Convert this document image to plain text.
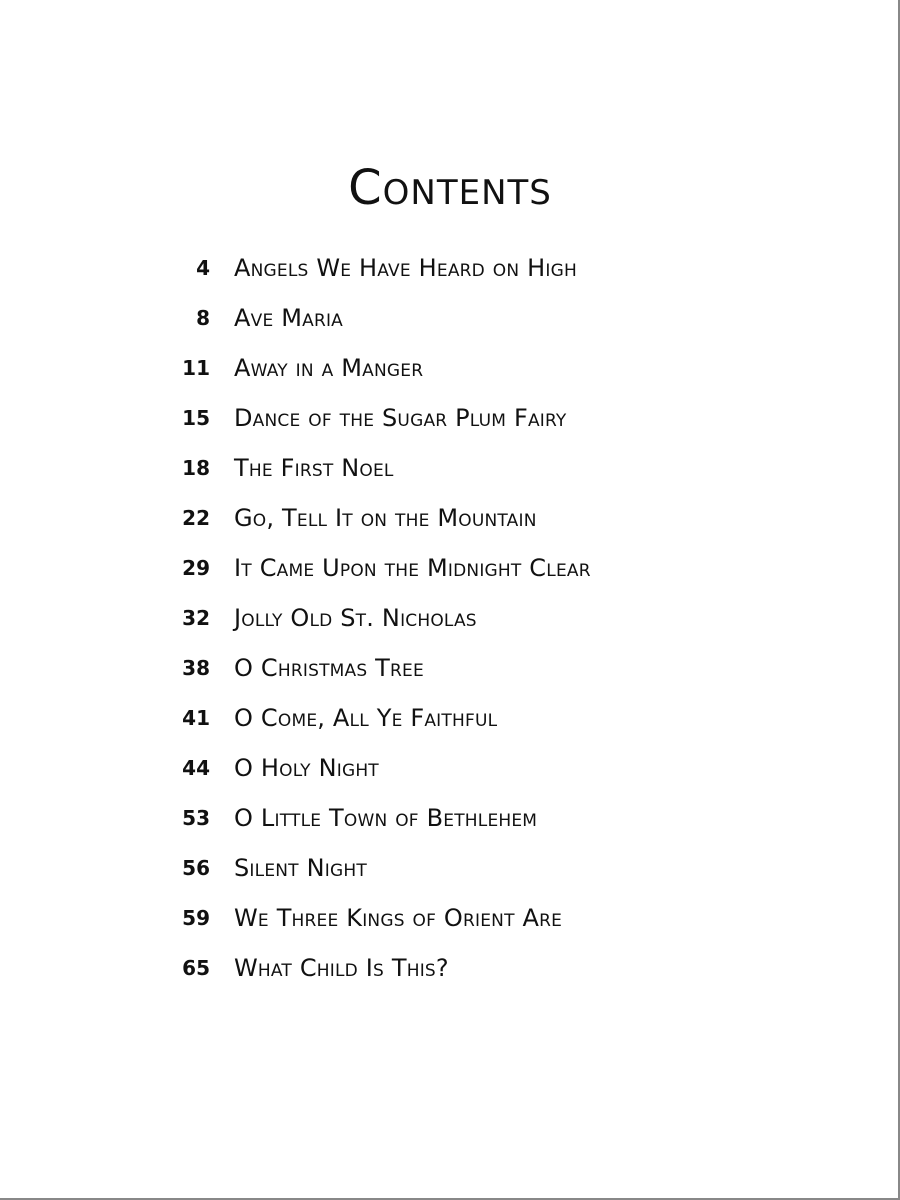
Contents
4 Angels We Have Heard on High
8 Ave Maria
11 Away in a Manger
15 Dance of the Sugar Plum Fairy
18 The First Noel
22 Go, Tell It on the Mountain
29 It Came Upon the Midnight Clear
32 Jolly Old St. Nicholas
38 O Christmas Tree
41 O Come, All Ye Faithful
44 O Holy Night
53 O Little Town of Bethlehem
56 Silent Night
59 We Three Kings of Orient Are
65 What Child Is This?
